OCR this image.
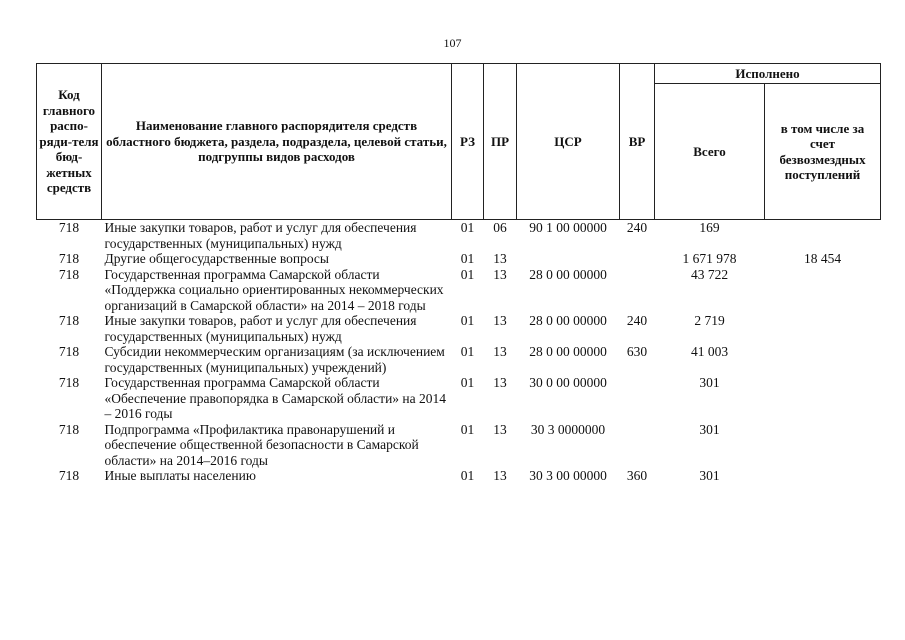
107
Код главного распо-ряди-теля бюд-жетных средств	Наименование главного распорядителя средств областного бюджета, раздела, подраздела, целевой статьи, подгруппы видов расходов	РЗ	ПР	ЦСР	ВР	Исполнено	
						Всего	в том числе за счет безвозмездных поступлений
718	Иные закупки товаров, работ и услуг для обеспечения государственных (муниципальных) нужд	01	06	90 1 00 00000	240	169	
718	Другие общегосударственные вопросы	01	13			1 671 978	18 454
718	Государственная программа Самарской области «Поддержка социально ориентированных некоммерческих организаций в Самарской области» на 2014 – 2018 годы	01	13	28 0 00 00000		43 722	
718	Иные закупки товаров, работ и услуг для обеспечения государственных (муниципальных) нужд	01	13	28 0 00 00000	240	2 719	
718	Субсидии некоммерческим организациям (за исключением государственных (муниципальных) учреждений)	01	13	28 0 00 00000	630	41 003	
718	Государственная программа Самарской области «Обеспечение правопорядка в Самарской области» на 2014 – 2016 годы	01	13	30 0 00 00000		301	
718	Подпрограмма «Профилактика правонарушений и обеспечение общественной безопасности в Самарской области» на 2014–2016 годы	01	13	30 3 0000000		301	
718	Иные выплаты населению	01	13	30 3 00 00000	360	301	
